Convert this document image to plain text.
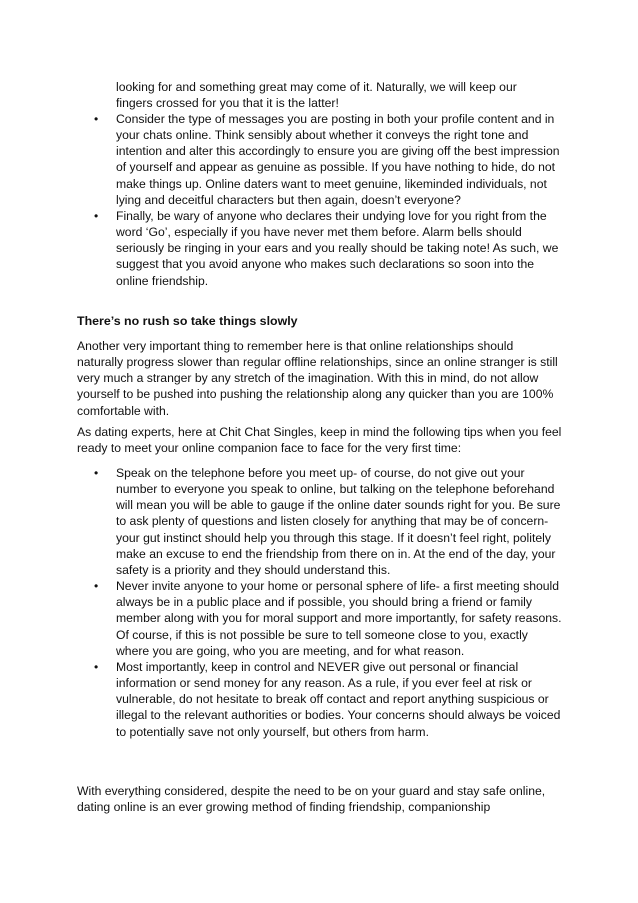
looking for and something great may come of it. Naturally, we will keep our fingers crossed for you that it is the latter!

• Consider the type of messages you are posting in both your profile content and in your chats online. Think sensibly about whether it conveys the right tone and intention and alter this accordingly to ensure you are giving off the best impression of yourself and appear as genuine as possible. If you have nothing to hide, do not make things up. Online daters want to meet genuine, likeminded individuals, not lying and deceitful characters but then again, doesn’t everyone?
• Finally, be wary of anyone who declares their undying love for you right from the word ‘Go’, especially if you have never met them before. Alarm bells should seriously be ringing in your ears and you really should be taking note! As such, we suggest that you avoid anyone who makes such declarations so soon into the online friendship.
There’s no rush so take things slowly

Another very important thing to remember here is that online relationships should naturally progress slower than regular offline relationships, since an online stranger is still very much a stranger by any stretch of the imagination. With this in mind, do not allow yourself to be pushed into pushing the relationship along any quicker than you are 100% comfortable with.

As dating experts, here at Chit Chat Singles, keep in mind the following tips when you feel ready to meet your online companion face to face for the very first time:

• Speak on the telephone before you meet up- of course, do not give out your number to everyone you speak to online, but talking on the telephone beforehand will mean you will be able to gauge if the online dater sounds right for you. Be sure to ask plenty of questions and listen closely for anything that may be of concern- your gut instinct should help you through this stage. If it doesn’t feel right, politely make an excuse to end the friendship from there on in. At the end of the day, your safety is a priority and they should understand this.
• Never invite anyone to your home or personal sphere of life- a first meeting should always be in a public place and if possible, you should bring a friend or family member along with you for moral support and more importantly, for safety reasons. Of course, if this is not possible be sure to tell someone close to you, exactly where you are going, who you are meeting, and for what reason.
• Most importantly, keep in control and NEVER give out personal or financial information or send money for any reason. As a rule, if you ever feel at risk or vulnerable, do not hesitate to break off contact and report anything suspicious or illegal to the relevant authorities or bodies. Your concerns should always be voiced to potentially save not only yourself, but others from harm.

With everything considered, despite the need to be on your guard and stay safe online, dating online is an ever growing method of finding friendship, companionship
